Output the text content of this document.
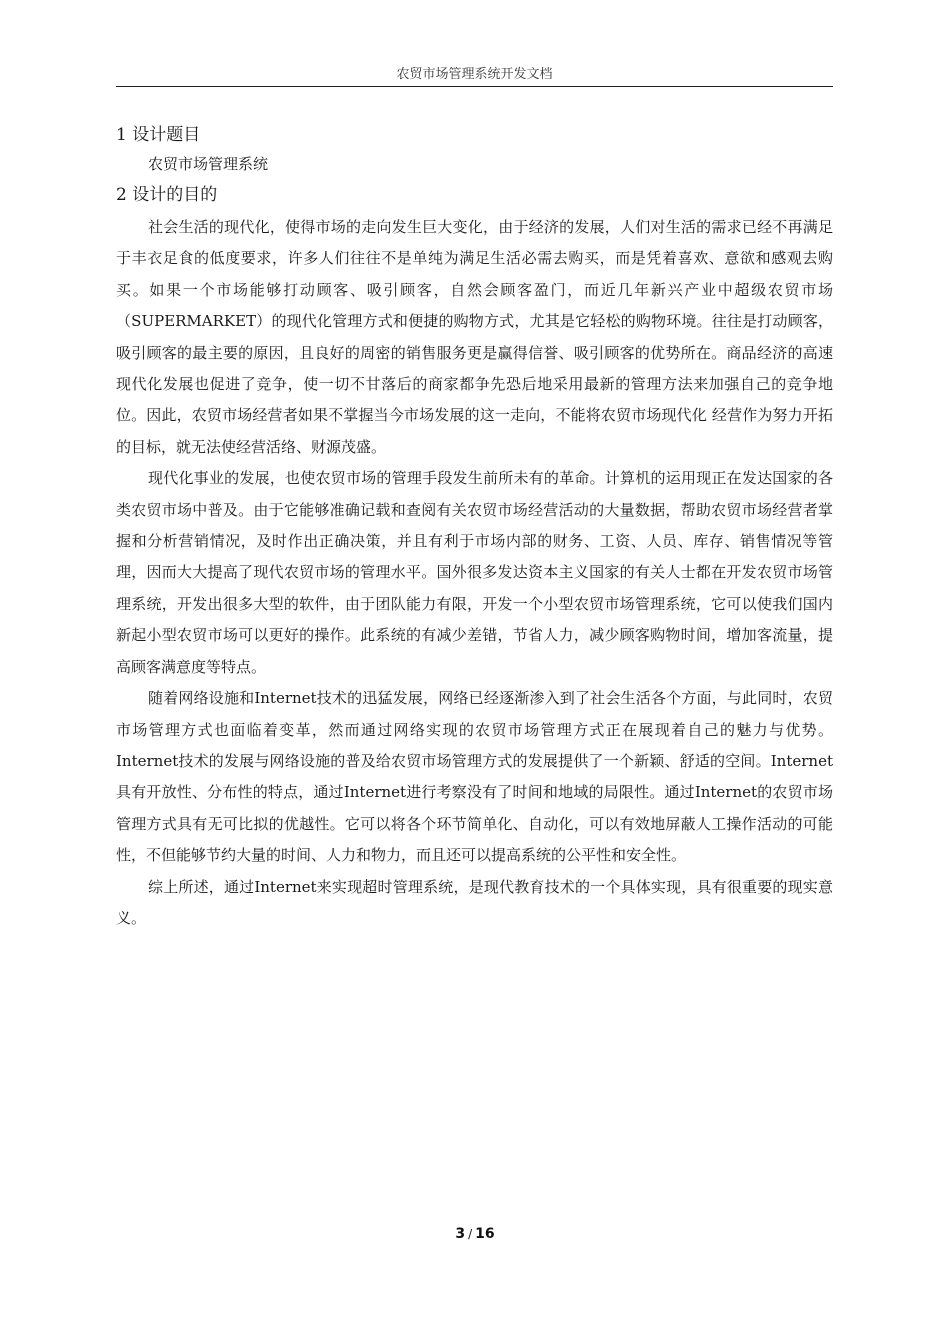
农贸市场管理系统开发文档
1 设计题目
农贸市场管理系统
2 设计的目的

社会生活的现代化，使得市场的走向发生巨大变化，由于经济的发展，人们对生活的需求已经不再满足于丰衣足食的低度要求，许多人们往往不是单纯为满足生活必需去购买，而是凭着喜欢、意欲和感观去购买。如果一个市场能够打动顾客、吸引顾客，自然会顾客盈门，而近几年新兴产业中超级农贸市场（SUPERMARKET）的现代化管理方式和便捷的购物方式，尤其是它轻松的购物环境。往往是打动顾客，吸引顾客的最主要的原因，且良好的周密的销售服务更是赢得信誉、吸引顾客的优势所在。商品经济的高速现代化发展也促进了竞争，使一切不甘落后的商家都争先恐后地采用最新的管理方法来加强自己的竞争地位。因此，农贸市场经营者如果不掌握当今市场发展的这一走向，不能将农贸市场现代化 经营作为努力开拓的目标，就无法使经营活络、财源茂盛。

现代化事业的发展，也使农贸市场的管理手段发生前所未有的革命。计算机的运用现正在发达国家的各类农贸市场中普及。由于它能够准确记载和查阅有关农贸市场经营活动的大量数据，帮助农贸市场经营者掌握和分析营销情况，及时作出正确决策，并且有利于市场内部的财务、工资、人员、库存、销售情况等管理，因而大大提高了现代农贸市场的管理水平。国外很多发达资本主义国家的有关人士都在开发农贸市场管理系统，开发出很多大型的软件，由于团队能力有限，开发一个小型农贸市场管理系统，它可以使我们国内新起小型农贸市场可以更好的操作。此系统的有减少差错，节省人力，减少顾客购物时间，增加客流量，提高顾客满意度等特点。

随着网络设施和Internet技术的迅猛发展，网络已经逐渐渗入到了社会生活各个方面，与此同时，农贸市场管理方式也面临着变革，然而通过网络实现的农贸市场管理方式正在展现着自己的魅力与优势。 Internet技术的发展与网络设施的普及给农贸市场管理方式的发展提供了一个新颖、舒适的空间。Internet具有开放性、分布性的特点，通过Internet进行考察没有了时间和地域的局限性。通过Internet的农贸市场管理方式具有无可比拟的优越性。它可以将各个环节简单化、自动化，可以有效地屏蔽人工操作活动的可能性，不但能够节约大量的时间、人力和物力，而且还可以提高系统的公平性和安全性。

综上所述，通过Internet来实现超时管理系统，是现代教育技术的一个具体实现，具有很重要的现实意义。

3 / 16
